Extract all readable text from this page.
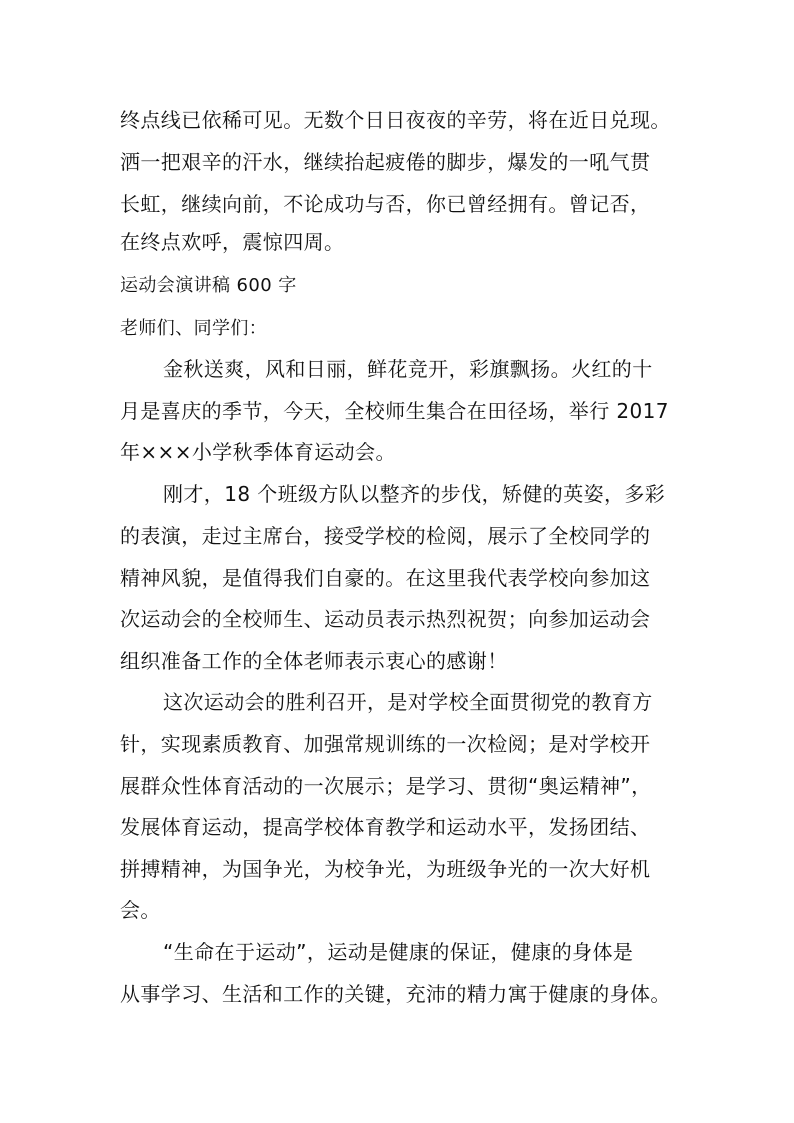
终点线已依稀可见。无数个日日夜夜的辛劳，将在近日兑现。
洒一把艰辛的汗水，继续抬起疲倦的脚步，爆发的一吼气贯
长虹，继续向前，不论成功与否，你已曾经拥有。曾记否，
在终点欢呼，震惊四周。
运动会演讲稿 600 字
老师们、同学们：
金秋送爽，风和日丽，鲜花竞开，彩旗飘扬。火红的十
月是喜庆的季节，今天，全校师生集合在田径场，举行 2017
年×××小学秋季体育运动会。
刚才，18 个班级方队以整齐的步伐，矫健的英姿，多彩
的表演，走过主席台，接受学校的检阅，展示了全校同学的
精神风貌，是值得我们自豪的。在这里我代表学校向参加这
次运动会的全校师生、运动员表示热烈祝贺；向参加运动会
组织准备工作的全体老师表示衷心的感谢！
这次运动会的胜利召开，是对学校全面贯彻党的教育方
针，实现素质教育、加强常规训练的一次检阅；是对学校开
展群众性体育活动的一次展示；是学习、贯彻“奥运精神”，
发展体育运动，提高学校体育教学和运动水平，发扬团结、
拼搏精神，为国争光，为校争光，为班级争光的一次大好机
会。
“生命在于运动”，运动是健康的保证，健康的身体是
从事学习、生活和工作的关键，充沛的精力寓于健康的身体。
